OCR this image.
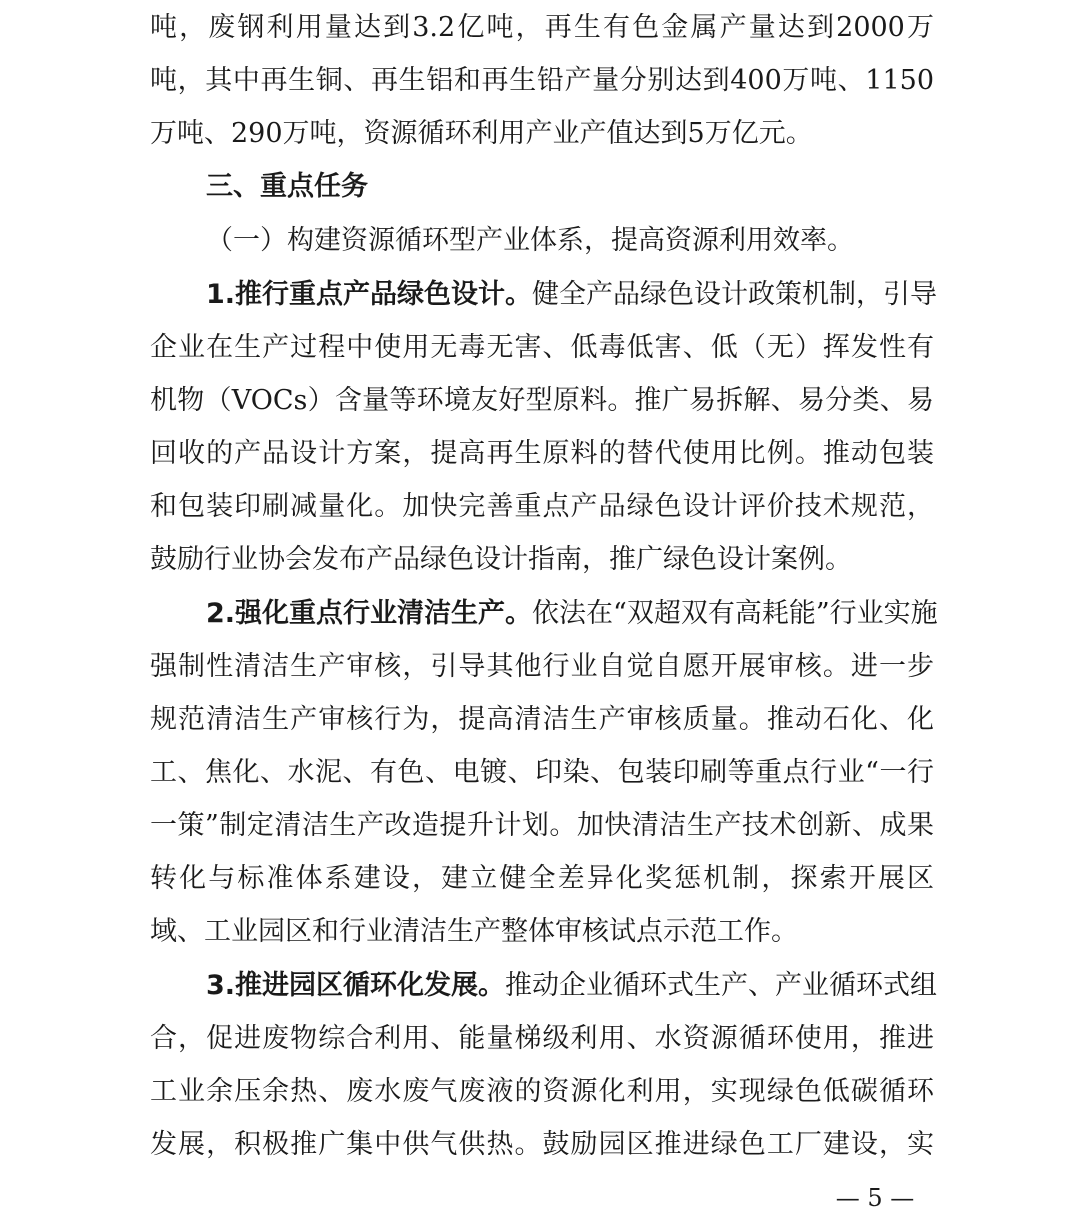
吨，废钢利用量达到3.2亿吨，再生有色金属产量达到2000万
吨，其中再生铜、再生铝和再生铅产量分别达到400万吨、1150
万吨、290万吨，资源循环利用产业产值达到5万亿元。
三、重点任务
（一）构建资源循环型产业体系，提高资源利用效率。
1.推行重点产品绿色设计。健全产品绿色设计政策机制，引导
企业在生产过程中使用无毒无害、低毒低害、低（无）挥发性有
机物（VOCs）含量等环境友好型原料。推广易拆解、易分类、易
回收的产品设计方案，提高再生原料的替代使用比例。推动包装
和包装印刷减量化。加快完善重点产品绿色设计评价技术规范，
鼓励行业协会发布产品绿色设计指南，推广绿色设计案例。
2.强化重点行业清洁生产。依法在“双超双有高耗能”行业实施
强制性清洁生产审核，引导其他行业自觉自愿开展审核。进一步
规范清洁生产审核行为，提高清洁生产审核质量。推动石化、化
工、焦化、水泥、有色、电镀、印染、包装印刷等重点行业“一行
一策”制定清洁生产改造提升计划。加快清洁生产技术创新、成果
转化与标准体系建设，建立健全差异化奖惩机制，探索开展区
域、工业园区和行业清洁生产整体审核试点示范工作。
3.推进园区循环化发展。推动企业循环式生产、产业循环式组
合，促进废物综合利用、能量梯级利用、水资源循环使用，推进
工业余压余热、废水废气废液的资源化利用，实现绿色低碳循环
发展，积极推广集中供气供热。鼓励园区推进绿色工厂建设，实
— 5 —
